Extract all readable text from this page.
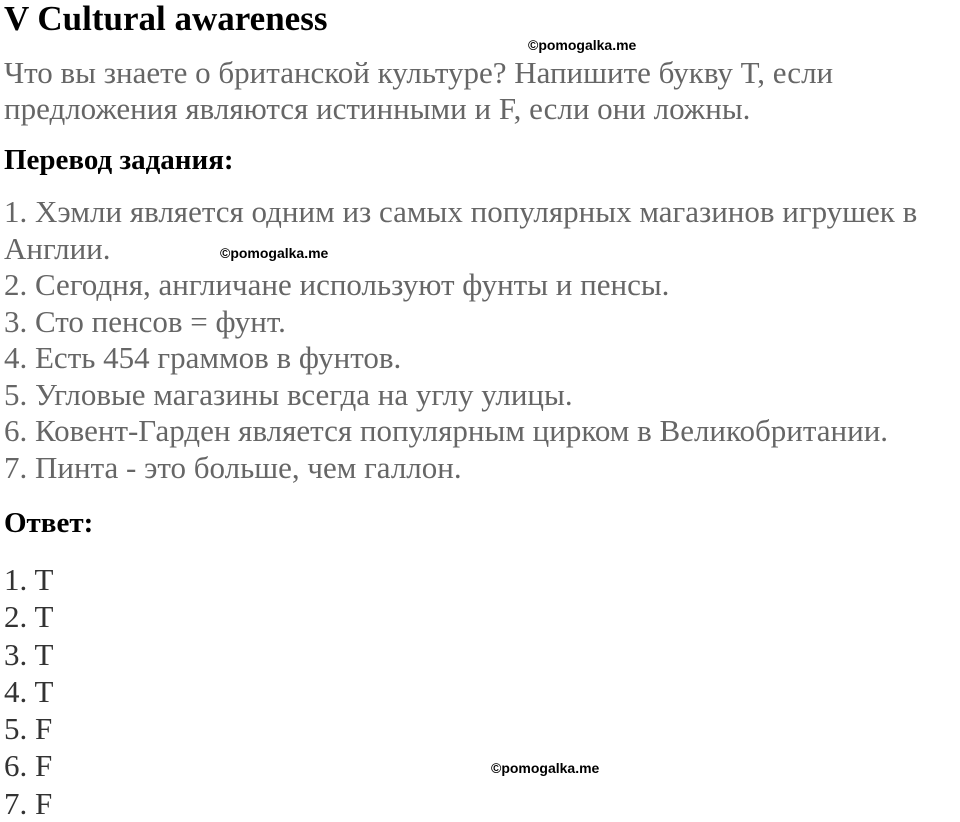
V Cultural awareness
Что вы знаете о британской культуре? Напишите букву T, если
предложения являются истинными и F, если они ложны.
Перевод задания:
1. Хэмли является одним из самых популярных магазинов игрушек в
Англии.
2. Сегодня, англичане используют фунты и пенсы.
3. Сто пенсов = фунт.
4. Есть 454 граммов в фунтов.
5. Угловые магазины всегда на углу улицы.
6. Ковент-Гарден является популярным цирком в Великобритании.
7. Пинта - это больше, чем галлон.
Ответ:
1. T
2. T
3. T
4. T
5. F
6. F
7. F
©pomogalka.me
©pomogalka.me
©pomogalka.me
